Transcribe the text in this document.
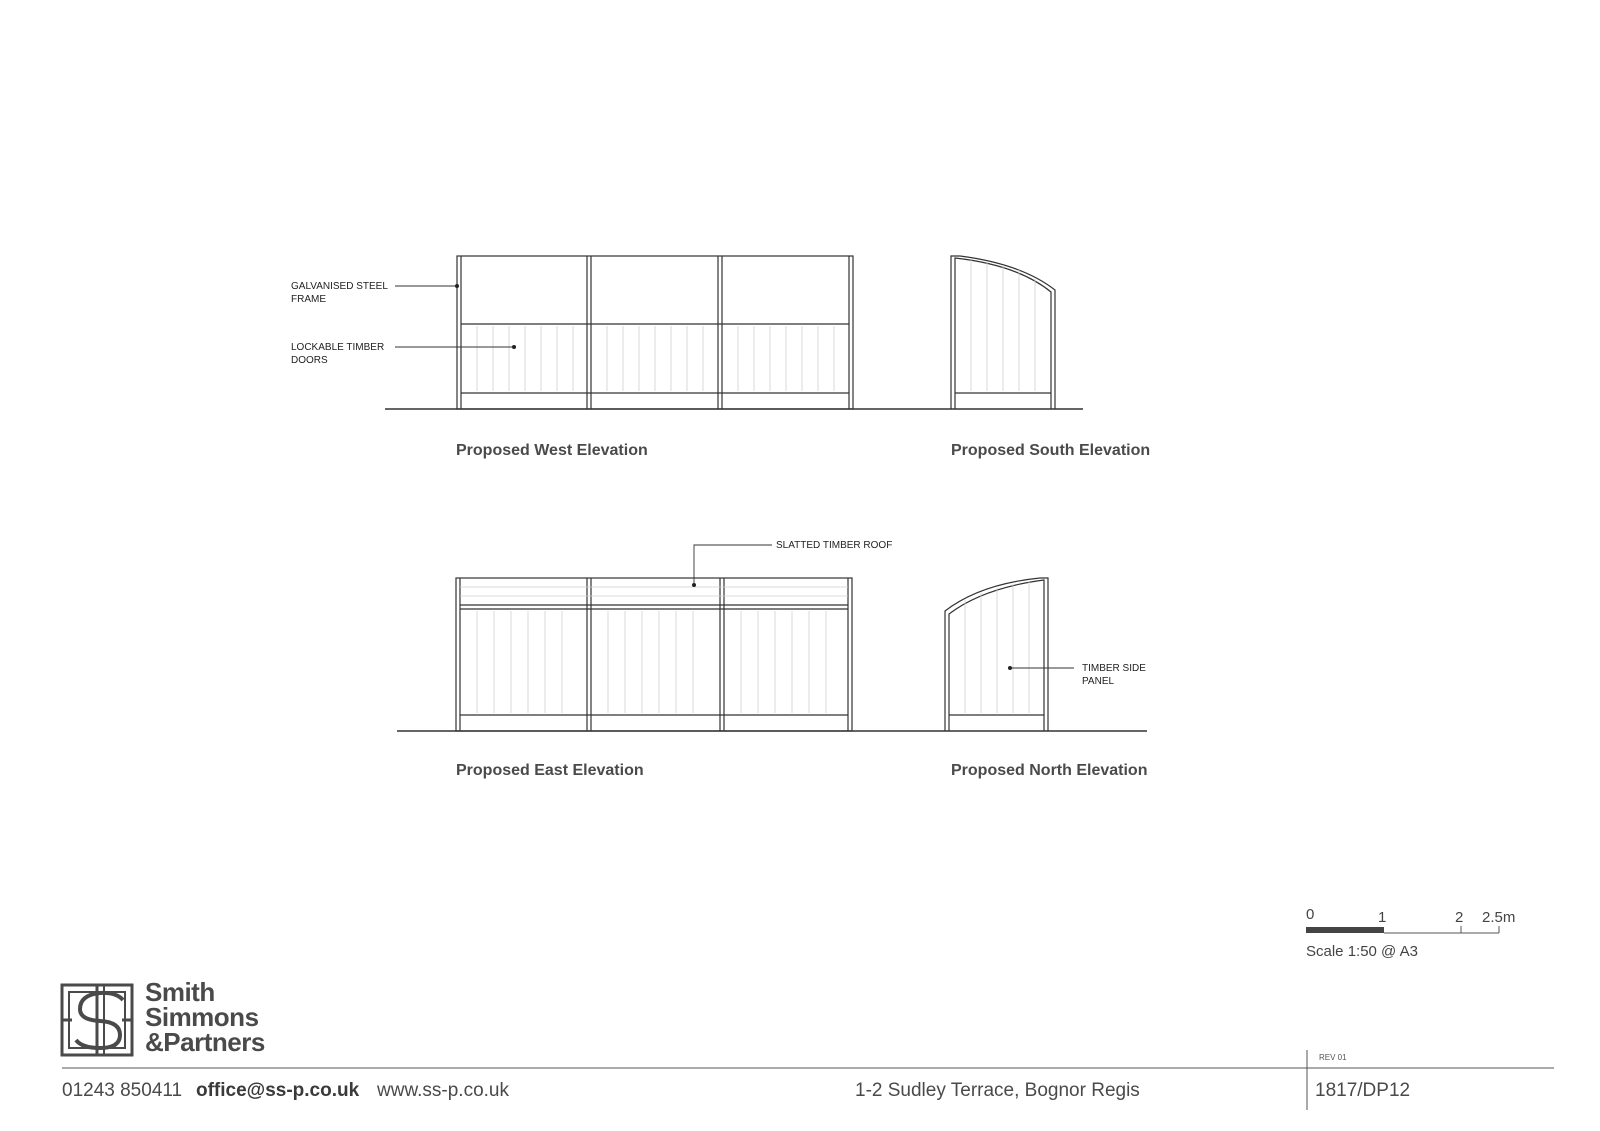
GALVANISED STEEL
FRAME
LOCKABLE TIMBER
DOORS
SLATTED TIMBER ROOF
TIMBER SIDE
PANEL
Proposed West Elevation	Proposed South Elevation
Proposed East Elevation	Proposed North Elevation
0	1	2 2.5m
Scale 1:50 @ A3
Smith
Simmons
&Partners
REV 01
01243 850411 office@ss-p.co.uk www.ss-p.co.uk	1-2 Sudley Terrace, Bognor Regis	1817/DP12
